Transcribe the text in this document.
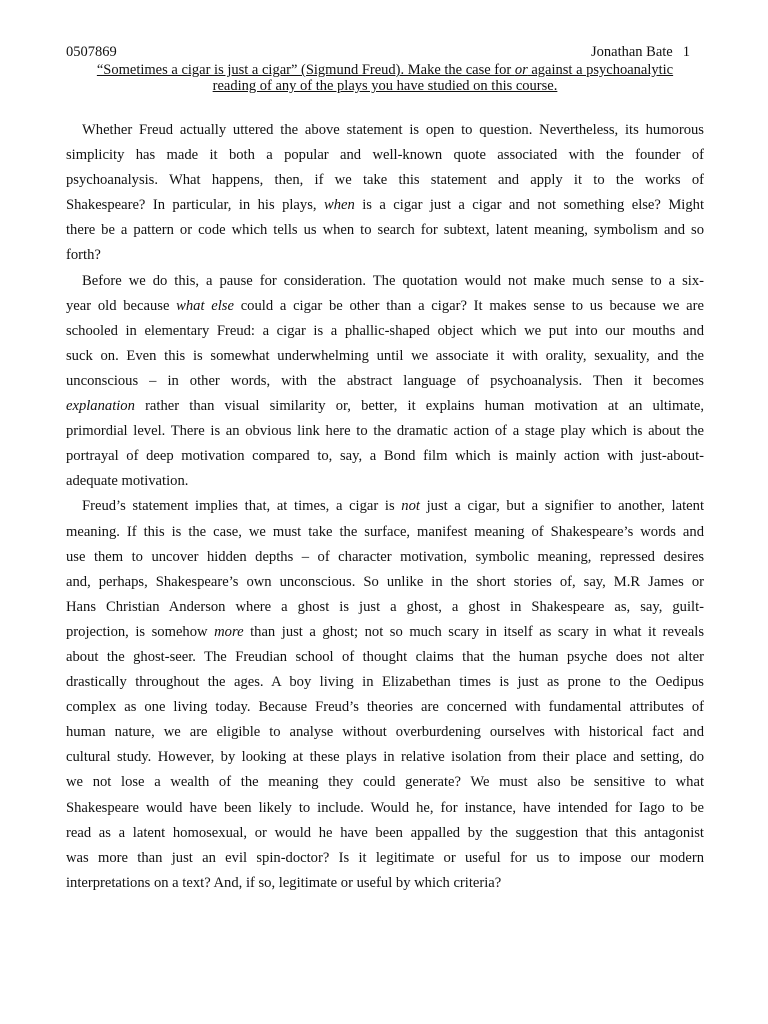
0507869	Jonathan Bate 1
“Sometimes a cigar is just a cigar” (Sigmund Freud). Make the case for or against a psychoanalytic
reading of any of the plays you have studied on this course.

Whether Freud actually uttered the above statement is open to question. Nevertheless, its humorous
simplicity has made it both a popular and well-known quote associated with the founder of
psychoanalysis. What happens, then, if we take this statement and apply it to the works of
Shakespeare? In particular, in his plays, when is a cigar just a cigar and not something else? Might
there be a pattern or code which tells us when to search for subtext, latent meaning, symbolism and so
forth?

Before we do this, a pause for consideration. The quotation would not make much sense to a six-
year old because what else could a cigar be other than a cigar? It makes sense to us because we are
schooled in elementary Freud: a cigar is a phallic-shaped object which we put into our mouths and
suck on. Even this is somewhat underwhelming until we associate it with orality, sexuality, and the
unconscious – in other words, with the abstract language of psychoanalysis. Then it becomes
explanation rather than visual similarity or, better, it explains human motivation at an ultimate,
primordial level. There is an obvious link here to the dramatic action of a stage play which is about the
portrayal of deep motivation compared to, say, a Bond film which is mainly action with just-about-
adequate motivation.

Freud’s statement implies that, at times, a cigar is not just a cigar, but a signifier to another, latent
meaning. If this is the case, we must take the surface, manifest meaning of Shakespeare’s words and
use them to uncover hidden depths – of character motivation, symbolic meaning, repressed desires
and, perhaps, Shakespeare’s own unconscious. So unlike in the short stories of, say, M.R James or
Hans Christian Anderson where a ghost is just a ghost, a ghost in Shakespeare as, say, guilt-
projection, is somehow more than just a ghost; not so much scary in itself as scary in what it reveals
about the ghost-seer. The Freudian school of thought claims that the human psyche does not alter
drastically throughout the ages. A boy living in Elizabethan times is just as prone to the Oedipus
complex as one living today. Because Freud’s theories are concerned with fundamental attributes of
human nature, we are eligible to analyse without overburdening ourselves with historical fact and
cultural study. However, by looking at these plays in relative isolation from their place and setting, do
we not lose a wealth of the meaning they could generate? We must also be sensitive to what
Shakespeare would have been likely to include. Would he, for instance, have intended for Iago to be
read as a latent homosexual, or would he have been appalled by the suggestion that this antagonist
was more than just an evil spin-doctor? Is it legitimate or useful for us to impose our modern
interpretations on a text? And, if so, legitimate or useful by which criteria?
